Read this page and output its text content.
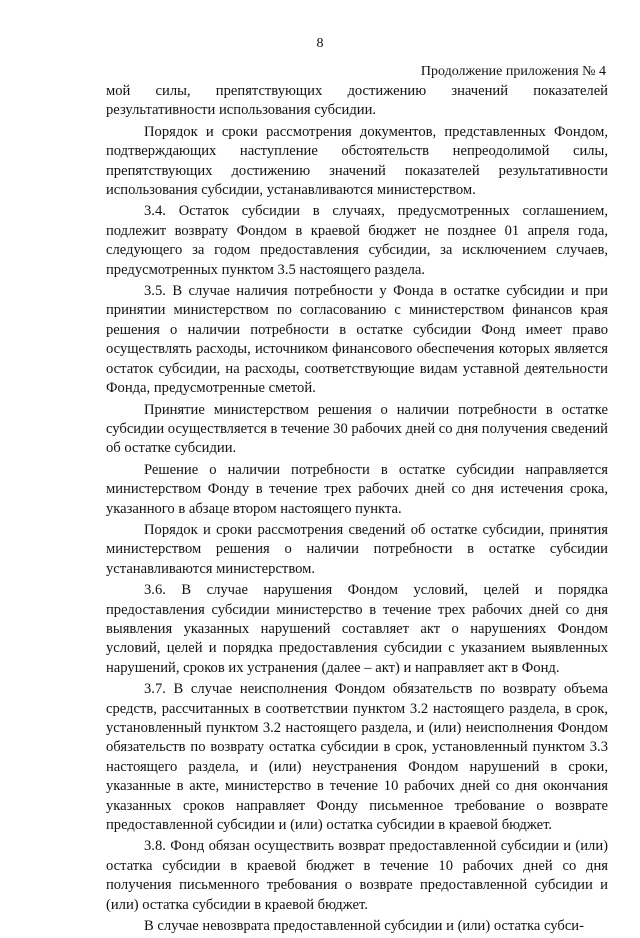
8
Продолжение приложения № 4

мой силы, препятствующих достижению значений показателей результативности использования субсидии.

Порядок и сроки рассмотрения документов, представленных Фондом, подтверждающих наступление обстоятельств непреодолимой силы, препятствующих достижению значений показателей результативности использования субсидии, устанавливаются министерством.

3.4. Остаток субсидии в случаях, предусмотренных соглашением, подлежит возврату Фондом в краевой бюджет не позднее 01 апреля года, следующего за годом предоставления субсидии, за исключением случаев, предусмотренных пунктом 3.5 настоящего раздела.

3.5. В случае наличия потребности у Фонда в остатке субсидии и при принятии министерством по согласованию с министерством финансов края решения о наличии потребности в остатке субсидии Фонд имеет право осуществлять расходы, источником финансового обеспечения которых является остаток субсидии, на расходы, соответствующие видам уставной деятельности Фонда, предусмотренные сметой.

Принятие министерством решения о наличии потребности в остатке субсидии осуществляется в течение 30 рабочих дней со дня получения сведений об остатке субсидии.

Решение о наличии потребности в остатке субсидии направляется министерством Фонду в течение трех рабочих дней со дня истечения срока, указанного в абзаце втором настоящего пункта.

Порядок и сроки рассмотрения сведений об остатке субсидии, принятия министерством решения о наличии потребности в остатке субсидии устанавливаются министерством.

3.6. В случае нарушения Фондом условий, целей и порядка предоставления субсидии министерство в течение трех рабочих дней со дня выявления указанных нарушений составляет акт о нарушениях Фондом условий, целей и порядка предоставления субсидии с указанием выявленных нарушений, сроков их устранения (далее – акт) и направляет акт в Фонд.

3.7. В случае неисполнения Фондом обязательств по возврату объема средств, рассчитанных в соответствии пунктом 3.2 настоящего раздела, в срок, установленный пунктом 3.2 настоящего раздела, и (или) неисполнения Фондом обязательств по возврату остатка субсидии в срок, установленный пунктом 3.3 настоящего раздела, и (или) неустранения Фондом нарушений в сроки, указанные в акте, министерство в течение 10 рабочих дней со дня окончания указанных сроков направляет Фонду письменное требование о возврате предоставленной субсидии и (или) остатка субсидии в краевой бюджет.

3.8. Фонд обязан осуществить возврат предоставленной субсидии и (или) остатка субсидии в краевой бюджет в течение 10 рабочих дней со дня получения письменного требования о возврате предоставленной субсидии и (или) остатка субсидии в краевой бюджет.

В случае невозврата предоставленной субсидии и (или) остатка субси-
